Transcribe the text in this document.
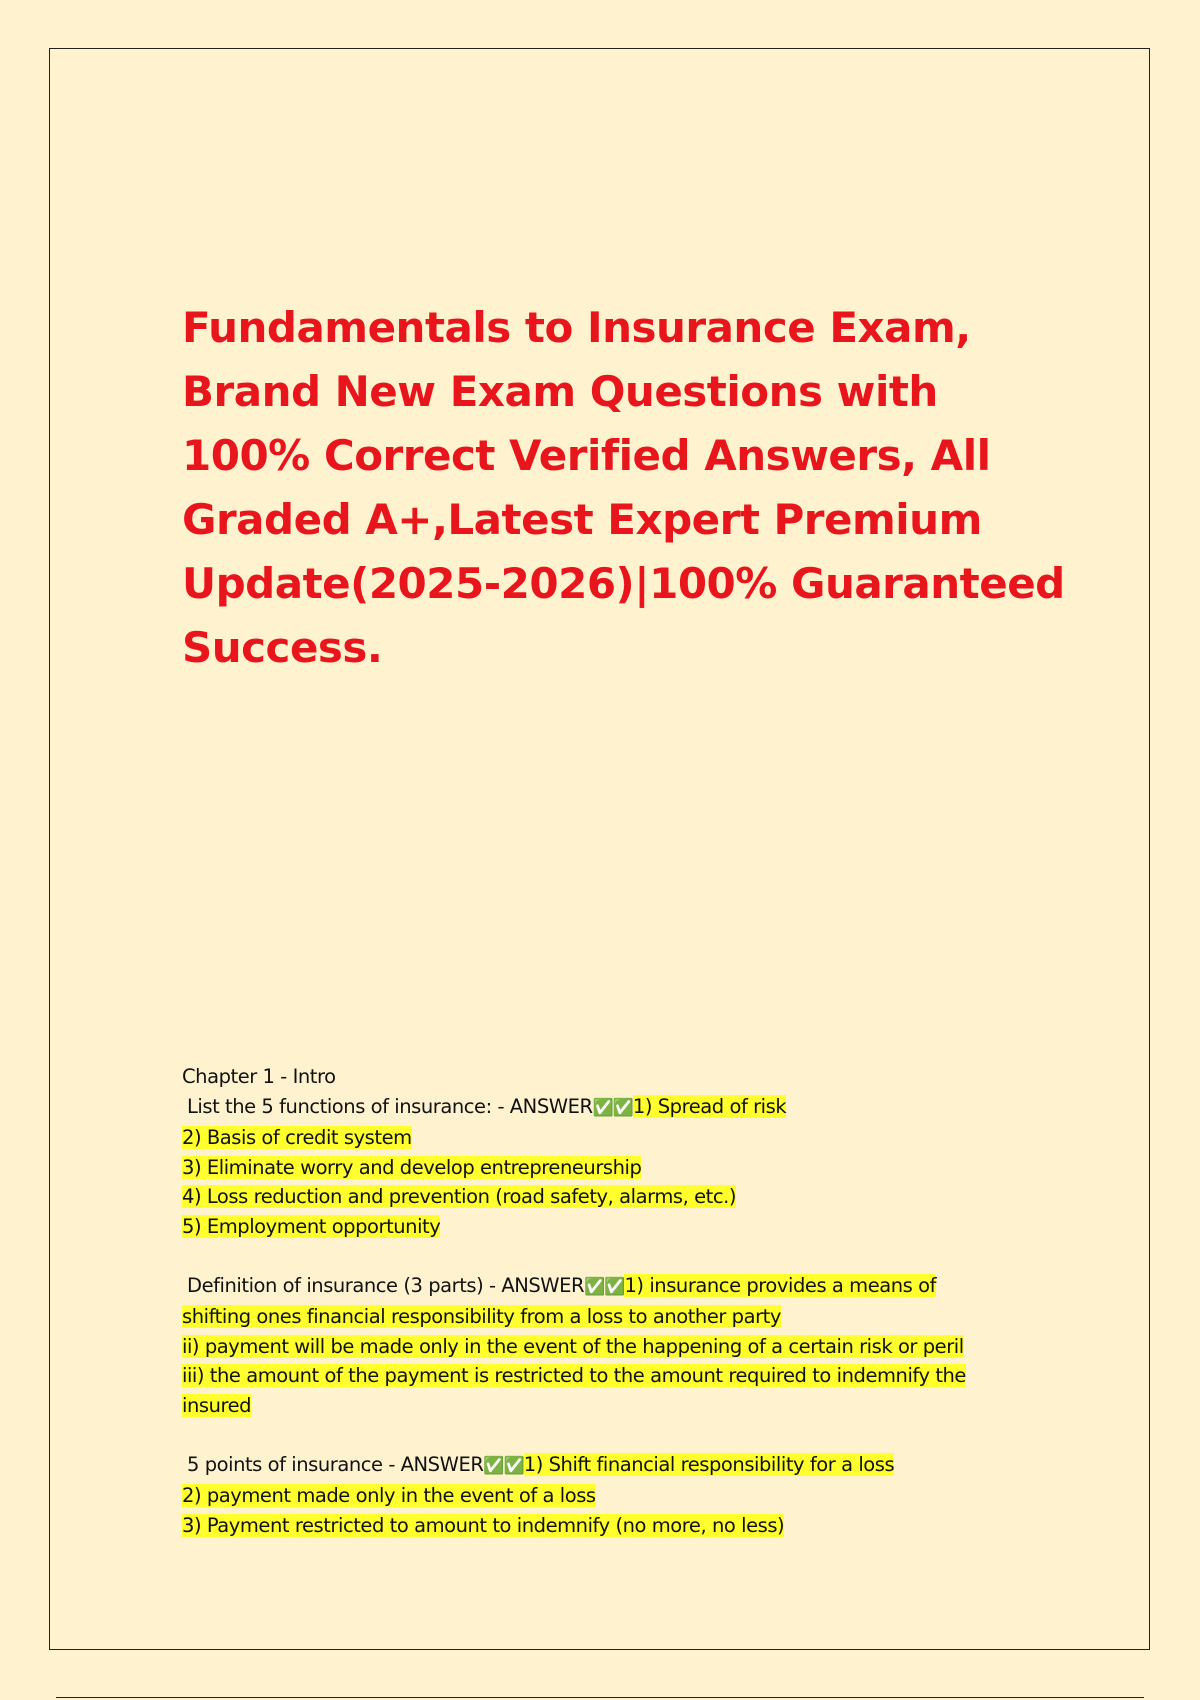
Fundamentals to Insurance Exam,
Brand New Exam Questions with
100% Correct Verified Answers, All
Graded A+,Latest Expert Premium
Update(2025-2026)|100% Guaranteed
Success.
Chapter 1 - Intro
List the 5 functions of insurance: - ANSWER✅✅1) Spread of risk
2) Basis of credit system
3) Eliminate worry and develop entrepreneurship
4) Loss reduction and prevention (road safety, alarms, etc.)
5) Employment opportunity
Definition of insurance (3 parts) - ANSWER✅✅1) insurance provides a means of
shifting ones financial responsibility from a loss to another party
ii) payment will be made only in the event of the happening of a certain risk or peril
iii) the amount of the payment is restricted to the amount required to indemnify the
insured
5 points of insurance - ANSWER✅✅1) Shift financial responsibility for a loss
2) payment made only in the event of a loss
3) Payment restricted to amount to indemnify (no more, no less)
